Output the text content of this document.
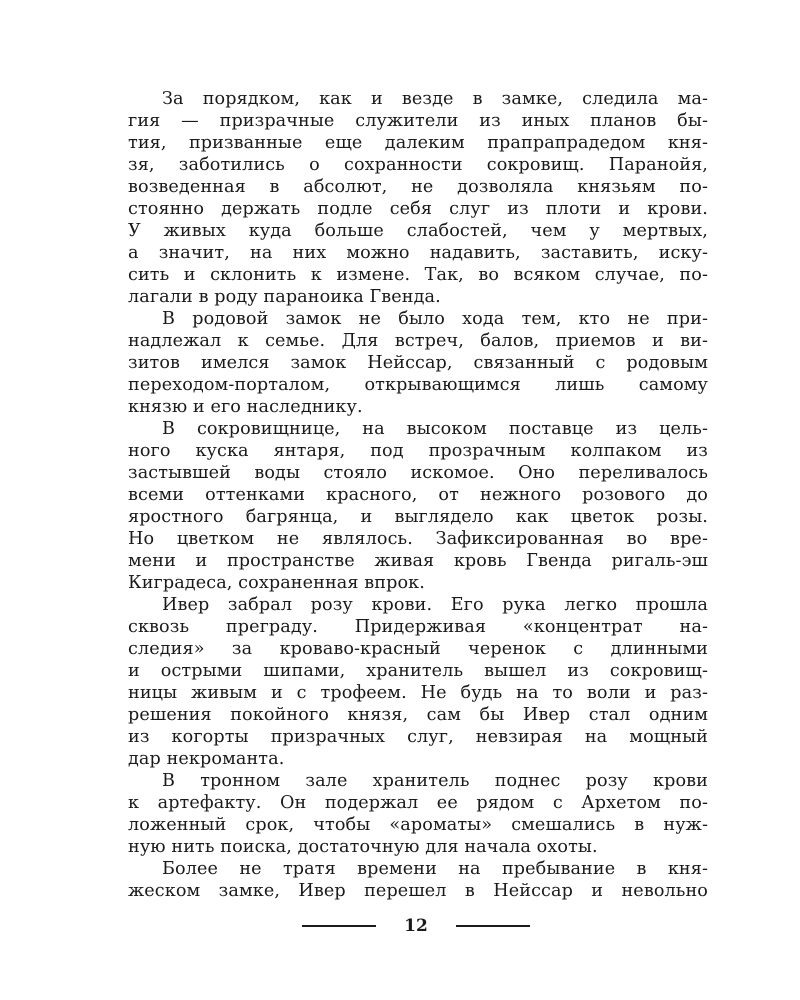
За порядком, как и везде в замке, следила ма-
гия — призрачные служители из иных планов бы-
тия, призванные еще далеким прапрапрадедом кня-
зя, заботились о сохранности сокровищ. Паранойя,
возведенная в абсолют, не дозволяла князьям по-
стоянно держать подле себя слуг из плоти и крови.
У живых куда больше слабостей, чем у мертвых,
а значит, на них можно надавить, заставить, иску-
сить и склонить к измене. Так, во всяком случае, по-
лагали в роду параноика Гвенда.
В родовой замок не было хода тем, кто не при-
надлежал к семье. Для встреч, балов, приемов и ви-
зитов имелся замок Нейссар, связанный с родовым
переходом-порталом, открывающимся лишь самому
князю и его наследнику.
В сокровищнице, на высоком поставце из цель-
ного куска янтаря, под прозрачным колпаком из
застывшей воды стояло искомое. Оно переливалось
всеми оттенками красного, от нежного розового до
яростного багрянца, и выглядело как цветок розы.
Но цветком не являлось. Зафиксированная во вре-
мени и пространстве живая кровь Гвенда ригаль-эш
Киградеса, сохраненная впрок.
Ивер забрал розу крови. Его рука легко прошла
сквозь преграду. Придерживая «концентрат на-
следия» за кроваво-красный черенок с длинными
и острыми шипами, хранитель вышел из сокровищ-
ницы живым и с трофеем. Не будь на то воли и раз-
решения покойного князя, сам бы Ивер стал одним
из когорты призрачных слуг, невзирая на мощный
дар некроманта.
В тронном зале хранитель поднес розу крови
к артефакту. Он подержал ее рядом с Архетом по-
ложенный срок, чтобы «ароматы» смешались в нуж-
ную нить поиска, достаточную для начала охоты.
Более не тратя времени на пребывание в кня-
жеском замке, Ивер перешел в Нейссар и невольно
12
